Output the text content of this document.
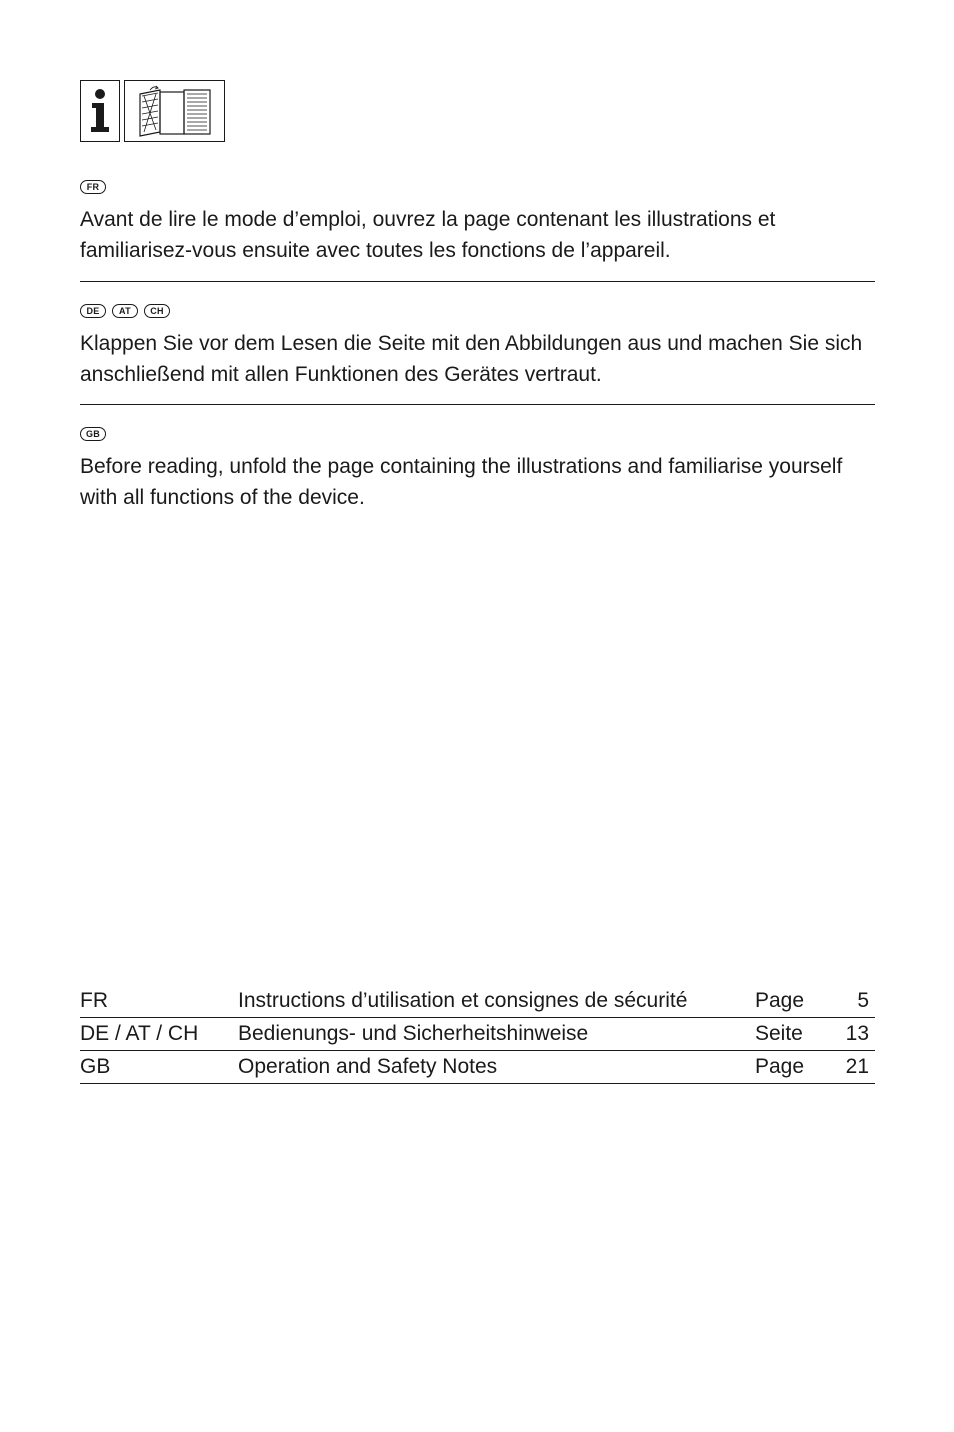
FR

Avant de lire le mode d’emploi, ouvrez la page contenant les illustrations et familiarisez-vous ensuite avec toutes les fonctions de l’appareil.

DE	AT	CH

Klappen Sie vor dem Lesen die Seite mit den Abbildungen aus und machen Sie sich anschließend mit allen Funktionen des Gerätes vertraut.

GB

Before reading, unfold the page containing the illustrations and familiarise yourself with all functions of the device.

FR	Instructions d’utilisation et consignes de sécurité	Page	5
DE / AT / CH	Bedienungs- und Sicherheitshinweise	Seite	13
GB	Operation and Safety Notes	Page	21
